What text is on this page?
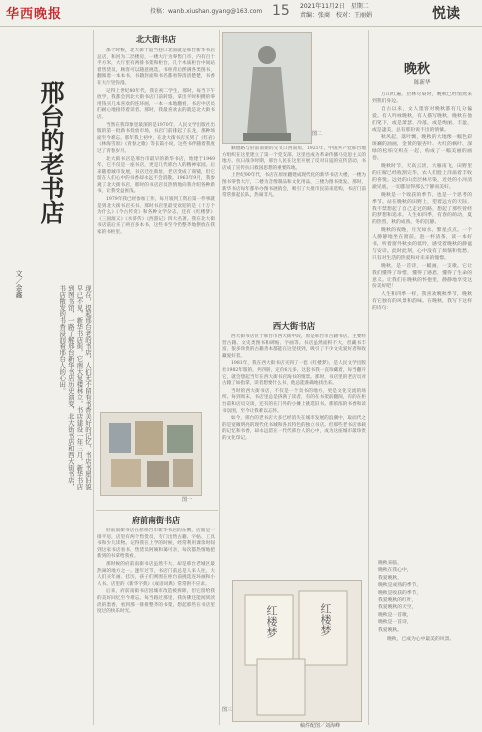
华西晚报	投稿：wanb.xiushan.gyang@163.com 15 2021年11月2日　星期二
责编：张商　校对：王丽娟	悦读
邢台的老书店
文／金鑫
现在，提起邢台老的书店，人们无不留有书香美好的记忆，书店书屋旧貌早已不见，新华书店街，它南大复楼林立，书店建设一年三月，新华书店到图书馆，一路了解邢台新华书店历史演变，北大街书店和西大街书店，书店散发的书香浸润着邢台人的心田。
北大街书店

那个时候，北大街十道当巷口北面就是邢台新华书店总店，和河为二层楼房，一楼大厅为零售门市，内有百十平方米，大厅里有两排书架和柜台，几个木质柜台中间站着售货员，顾客可以随意挑选，书柜背后摆满各类图书，翻阅着一本本书，书籍封面和书名都看得清清楚楚，书香在大厅里弥漫。

记得上世纪80年代，我在初二学生，那时，每当下午放学，我都会到北大街书店门前转悠，拿出平时积攒的零用钱买几本喜欢的连环画，一本一本地翻看，书店中店员们耐心地接待着读者。那时，我最喜欢去的就是北大街书店。

当然在我印象里最深的是1970年，人民文学出版社出版的第一批新书投放市场，书店门前排起了长龙，那种场面至今难忘。那年我上初中，在北大街书店买到了《红岩》《林海雪原》《青春之歌》等长篇小说，这些书伴随着我度过了青春岁月。

北大街书店是邢台市最早的新华书店，始建于1949年，它不仅是一座书店，更是几代邢台人的精神家园。后来随着城市发展，书店迁往新址，老店变成了商铺，但它留在人们心中的书香却永远不会消散。1963年9月，我参观了北大街书店，那时的书店店员热情地向我介绍各种新书，让我受益匪浅。

1979年我已经参加工作，每月领到工资后第一件事就是到北大街书店买书。那时书店里最受欢迎的是《十万个为什么》《今古传奇》和各种文学杂志，还有《红楼梦》《三国演义》《水浒传》《西游记》四大名著。我在北大街书店前后买了两百多本书，这些书至今仍整齐地摆放在我家的书柜里。

图一
府前南街书店

府前南街书店在原邢台市新华书店的东侧，店面是一排平房，店里有两个售货员，专门出售古籍、字帖、工具书和少儿读物。记得我在上学的时候，经常利用课余时间到这家书店看书，售货员阿姨和蔼可亲，每次都热情地把新到的书拿给我看。

那时候的府前南街书店虽然不大，却是邢台老城区最热闹的地方之一。逢年过节，书店门前总是人来人往，大人们买年画、挂历，孩子们则围在柜台前挑选连环画和小人书。店里的《新华字典》《成语词典》常常供不应求。

后来，府前南街书店因城市改造被拆除，但它留给我的美好回忆至今难忘。每当路过那里，我仿佛还能闻到淡淡的墨香，看到那一排排整齐的书架，想起那些在书店里度过的快乐时光。

图二

顺德路与府前南街的交叉口西南角，1921年，中国共产党邢台地方组织在这里建立了第一个党支部，这里也成为革命传播马克思主义的地方。抗日战争时期，邢台人民在这里开展了反对日寇的宣传活动，书店成了宣传抗日救国思想的重要阵地。

上世纪90年代，书店在原址翻建成现代化的新华书店大楼，一楼为图书零售大厅，二楼为音像制品和文化用品，三楼为图书批发。那时，新华书店每年都举办图书展销会，吸引了大批市民前来选购，书店门前常常排起长队，热闹非凡。

西大街书店

西大街书店位于邢台市西大街中段，原是邢台市古籍书店，主要经营古籍、文史类图书和碑帖、字画等。书店虽然面积不大，但藏书丰富，很多珍贵的古籍善本都能在这里找到，吸引了不少文史爱好者和收藏爱好者。

1981年，我在西大街书店买到了一套《红楼梦》，是人民文学出版社1982年版的，共四册，定价6元多。这套书我一直珍藏着，每当翻开它，就会想起当年在西大街书店淘书的情景。那时，书店里的老店员对古籍了如指掌，读者想要什么书，他总能准确地找出来。

当时的西大街书店，不仅是一个卖书的地方，更是文化交流的场所。每到周末，书店里总是挤满了读者，有的在书架前翻阅，有的在柜台前和店员交谈，还有的在门外的小摊上挑选旧书。那浓浓的书香和读书氛围，至今让我难以忘怀。

如今，邢台的老书店大多已经消失在城市发展的浪潮中，取而代之的是宽敞明亮的现代化书城和各具特色的独立书店。但那些老书店承载的记忆和书香，却永远留在一代代邢台人的心中，成为这座城市最珍贵的文化印记。

红楼梦	红楼梦
图三
稿件配图／刘海峰
晚秋
陈新华

万山红遍，层林尽染时，晚秋已经悄然来到我们身边。

自古以来，文人墨客对晚秋都有几分偏爱。有人吟咏晚秋，有人描写晚秋，晚秋在他们笔下，或是萧瑟、冷落，或是绚丽、丰盈，或是凄美，总有那份说不出的情愫。

秋风起，落叶飘，晚秋的大地像一幅色彩斑斓的油画，金黄的银杏叶、火红的枫叶、深绿的松柏交织在一起，构成了一幅美丽的画卷。

晚秋时节，天高云淡，大雁南飞，田野里的庄稼已经收割完毕，农人们脸上洋溢着丰收的喜悦。远处的山峦层林尽染，近处的小河清澈见底，一切都显得那么宁静而美好。

晚秋是一个收获的季节，也是一个思考的季节。站在晚秋的田野上，望着远方的天际，我不禁想起了自己走过的路，想起了那些曾经的梦想和追求。人生如四季，有春的萌动，夏的热烈，秋的成熟，冬的沉静。

晚秋的夜晚，月光如水，繁星点点。一个人静静地坐在窗前，泡一杯清茶，读一本好书，听着窗外秋虫的低吟，感受着晚秋的静谧与安详。此时此刻，心中没有了烦恼和忧愁，只有对生活的热爱和对未来的憧憬。

晚秋，是一首诗，一幅画，一支歌。它让我们懂得了珍惜，懂得了感恩，懂得了生命的意义。让我们在晚秋的怀抱里，静静地享受这份美好吧！

人生和四季一样，我喜欢晚秋季节，晚秋有它独有的风景和韵味。在晚秋，我写下这样的诗句：

晚秋来临，
晚秋在我心中，
我爱晚秋，
晚秋是成熟的季节，
晚秋是收获的季节，
我爱晚秋的红叶，
我爱晚秋的天空，
晚秋是一首歌，
晚秋是一首诗，
我爱晚秋。
晚秋，已成为心中最美的风景。
